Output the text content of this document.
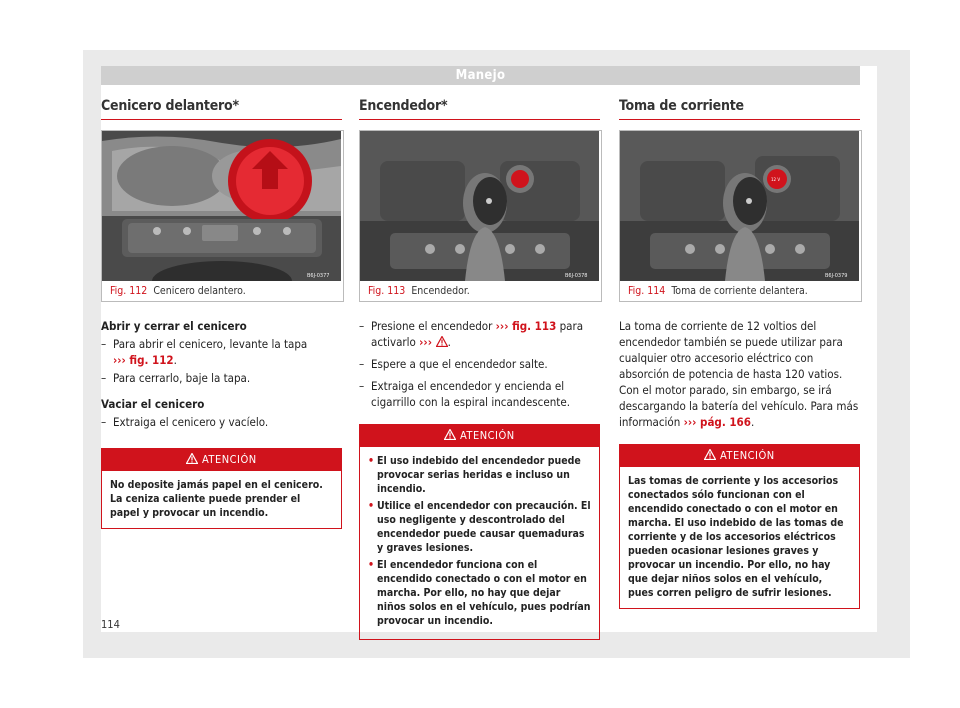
Manejo
Cenicero delantero*
B6J-0377
Fig. 112 Cenicero delantero.
Abrir y cerrar el cenicero
– Para abrir el cenicero, levante la tapa
››› fig. 112.
– Para cerrarlo, baje la tapa.
Vaciar el cenicero
– Extraiga el cenicero y vacíelo.
ATENCIÓN
No deposite jamás papel en el cenicero. La ceniza caliente puede prender el papel y provocar un incendio.
Encendedor*
B6J-0378
Fig. 113 Encendedor.
– Presione el encendedor ››› fig. 113 para activarlo ››› .
– Espere a que el encendedor salte.
– Extraiga el encendedor y encienda el cigarrillo con la espiral incandescente.
ATENCIÓN
• El uso indebido del encendedor puede provocar serias heridas e incluso un incendio.
• Utilice el encendedor con precaución. El uso negligente y descontrolado del encendedor puede causar quemaduras y graves lesiones.
• El encendedor funciona con el encendido conectado o con el motor en marcha. Por ello, no hay que dejar niños solos en el vehículo, pues podrían provocar un incendio.
Toma de corriente
12 V
B6J-0379
Fig. 114 Toma de corriente delantera.
La toma de corriente de 12 voltios del encendedor también se puede utilizar para cualquier otro accesorio eléctrico con absorción de potencia de hasta 120 vatios. Con el motor parado, sin embargo, se irá descargando la batería del vehículo. Para más información ››› pág. 166.
ATENCIÓN
Las tomas de corriente y los accesorios conectados sólo funcionan con el encendido conectado o con el motor en marcha. El uso indebido de las tomas de corriente y de los accesorios eléctricos pueden ocasionar lesiones graves y provocar un incendio. Por ello, no hay que dejar niños solos en el vehículo, pues corren peligro de sufrir lesiones.
114
